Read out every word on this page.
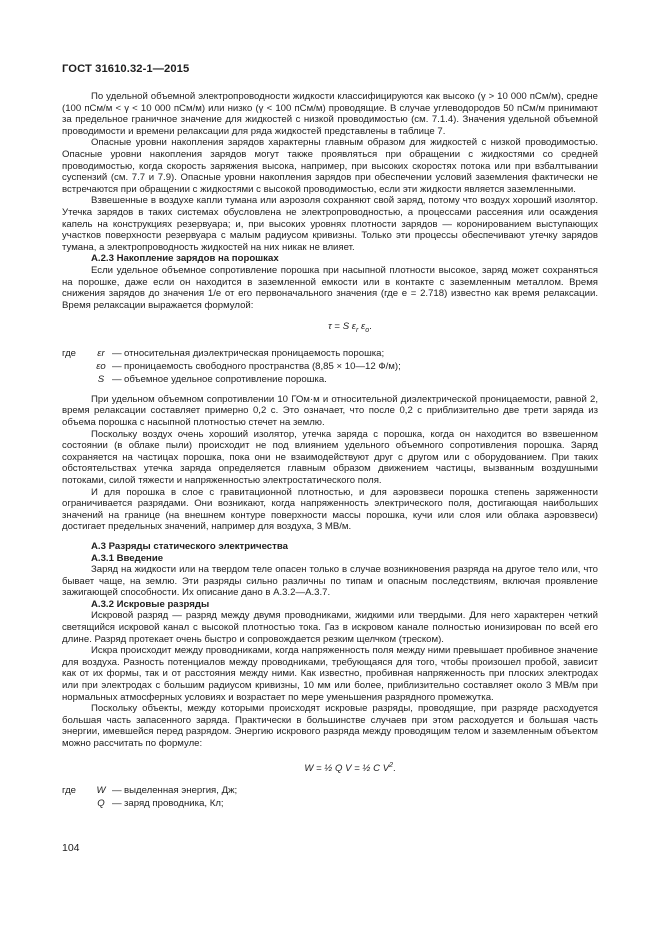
ГОСТ 31610.32-1—2015

По удельной объемной электропроводности жидкости классифицируются как высоко (γ > 10 000 пСм/м), средне (100 пСм/м < γ < 10 000 пСм/м) или низко (γ < 100 пСм/м) проводящие. В случае углеводородов 50 пСм/м принимают за предельное граничное значение для жидкостей с низкой проводимостью (см. 7.1.4). Значения удельной объемной проводимости и времени релаксации для ряда жидкостей представлены в таблице 7.

Опасные уровни накопления зарядов характерны главным образом для жидкостей с низкой проводимостью. Опасные уровни накопления зарядов могут также проявляться при обращении с жидкостями со средней проводимостью, когда скорость заряжения высока, например, при высоких скоростях потока или при взбалтывании суспензий (см. 7.7 и 7.9). Опасные уровни накопления зарядов при обеспечении условий заземления фактически не встречаются при обращении с жидкостями с высокой проводимостью, если эти жидкости является заземленными.

Взвешенные в воздухе капли тумана или аэрозоля сохраняют свой заряд, потому что воздух хороший изолятор. Утечка зарядов в таких системах обусловлена не электропроводностью, а процессами рассеяния или осаждения капель на конструкциях резервуара; и, при высоких уровнях плотности зарядов — коронированием выступающих участков поверхности резервуара с малым радиусом кривизны. Только эти процессы обеспечивают утечку зарядов тумана, а электропроводность жидкостей на них никак не влияет.

А.2.3 Накопление зарядов на порошках

Если удельное объемное сопротивление порошка при насыпной плотности высокое, заряд может сохраняться на порошке, даже если он находится в заземленной емкости или в контакте с заземленным металлом. Время снижения зарядов до значения 1/е от его первоначального значения (где e = 2.718) известно как время релаксации. Время релаксации выражается формулой:

τ = S $\varepsilon_r$ $\varepsilon_o$.
где	εr — относительная диэлектрическая проницаемость порошка;
εo — проницаемость свободного пространства (8,85 × 10—12 Ф/м);
S — объемное удельное сопротивление порошка.

При удельном объемном сопротивлении 10 ГОм·м и относительной диэлектрической проницаемости, равной 2, время релаксации составляет примерно 0,2 с. Это означает, что после 0,2 с приблизительно две трети заряда из объема порошка с насыпной плотностью стечет на землю.

Поскольку воздух очень хороший изолятор, утечка заряда с порошка, когда он находится во взвешенном состоянии (в облаке пыли) происходит не под влиянием удельного объемного сопротивления порошка. Заряд сохраняется на частицах порошка, пока они не взаимодействуют друг с другом или с оборудованием. При таких обстоятельствах утечка заряда определяется главным образом движением частицы, вызванным воздушными потоками, силой тяжести и напряженностью электростатического поля.

И для порошка в слое с гравитационной плотностью, и для аэровзвеси порошка степень заряженности ограничивается разрядами. Они возникают, когда напряженность электрического поля, достигающая наибольших значений на границе (на внешнем контуре поверхности массы порошка, кучи или слоя или облака аэровзвеси) достигает предельных значений, например для воздуха, 3 МВ/м.

А.3 Разряды статического электричества

А.3.1 Введение

Заряд на жидкости или на твердом теле опасен только в случае возникновения разряда на другое тело или, что бывает чаще, на землю. Эти разряды сильно различны по типам и опасным последствиям, включая проявление зажигающей способности. Их описание дано в А.3.2—А.3.7.

А.3.2 Искровые разряды

Искровой разряд — разряд между двумя проводниками, жидкими или твердыми. Для него характерен четкий светящийся искровой канал с высокой плотностью тока. Газ в искровом канале полностью ионизирован по всей его длине. Разряд протекает очень быстро и сопровождается резким щелчком (треском).

Искра происходит между проводниками, когда напряженность поля между ними превышает пробивное значение для воздуха. Разность потенциалов между проводниками, требующаяся для того, чтобы произошел пробой, зависит как от их формы, так и от расстояния между ними. Как известно, пробивная напряженность при плоских электродах или при электродах с большим радиусом кривизны, 10 мм или более, приблизительно составляет около 3 МВ/м при нормальных атмосферных условиях и возрастает по мере уменьшения разрядного промежутка.

Поскольку объекты, между которыми происходят искровые разряды, проводящие, при разряде расходуется большая часть запасенного заряда. Практически в большинстве случаев при этом расходуется и большая часть энергии, имевшейся перед разрядом. Энергию искрового разряда между проводящим телом и заземленным объектом можно рассчитать по формуле:

W = ½ Q V = ½ C $V^2$.
где	W — выделенная энергия, Дж;
Q — заряд проводника, Кл;
104
